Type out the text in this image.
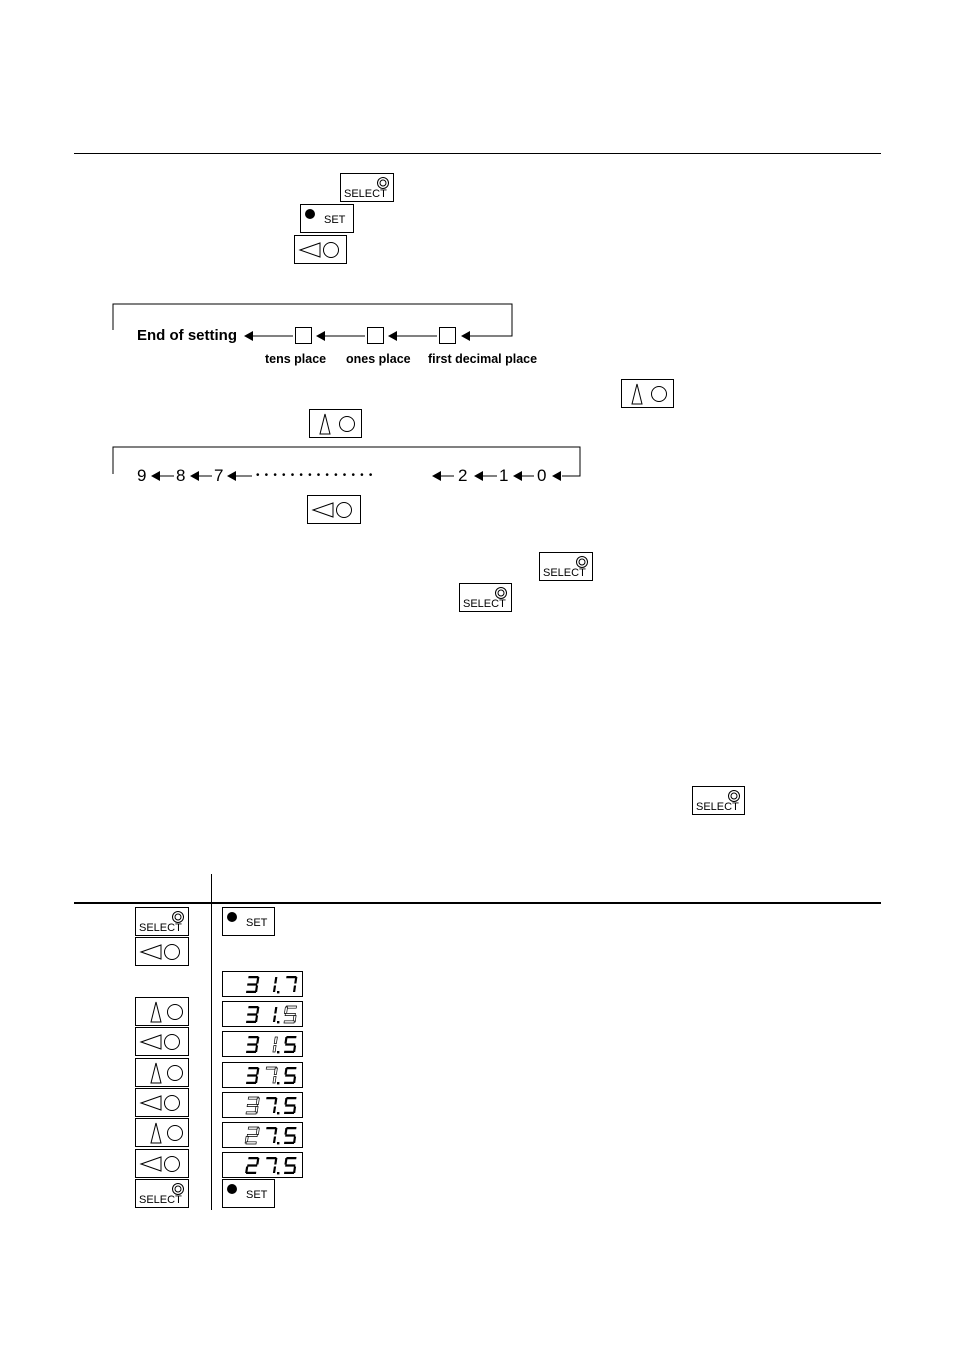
SELECT
SET
End of setting
tens place ones place first decimal place
9 8 7	• • • • • • • • • • • • • •	2 1 0
SELECT
SELECT
SELECT
SELECT
SELECT
SET
SET
